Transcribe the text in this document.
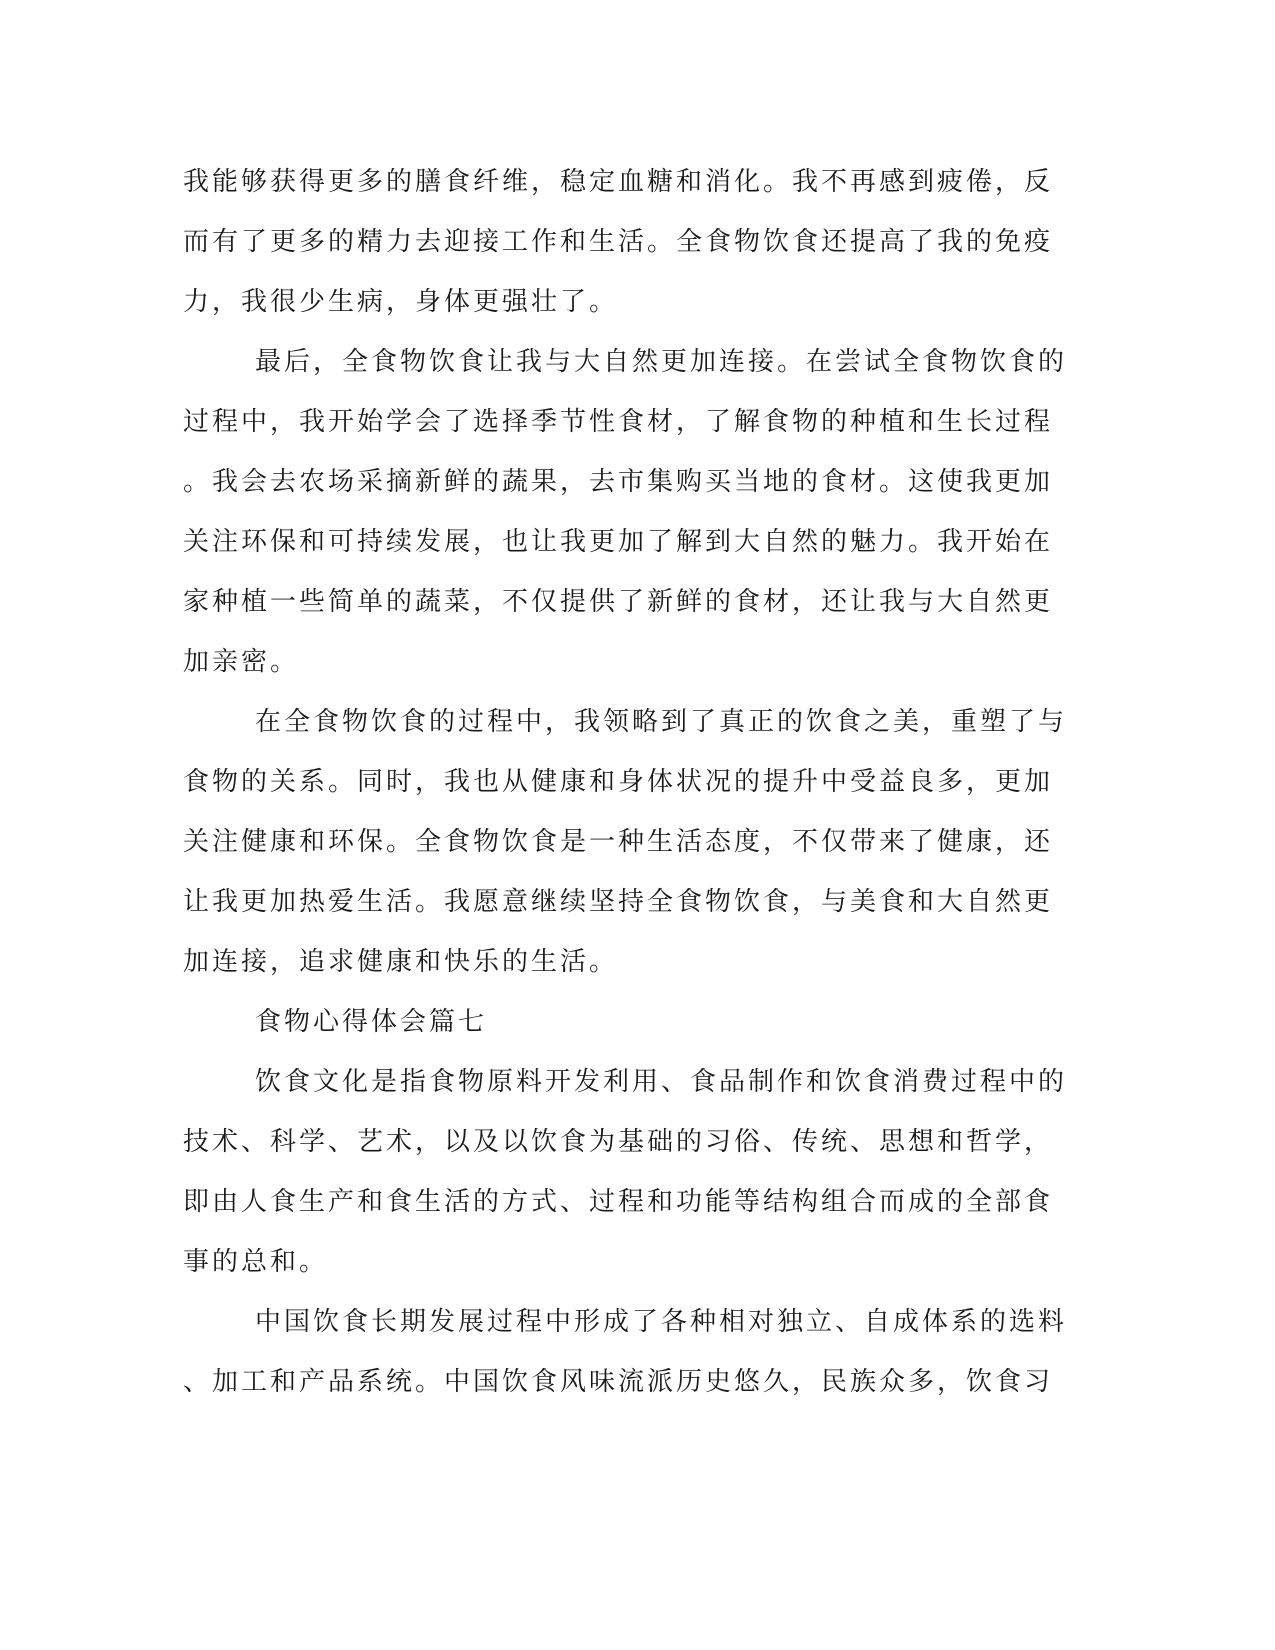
我能够获得更多的膳食纤维，稳定血糖和消化。我不再感到疲倦，反
而有了更多的精力去迎接工作和生活。全食物饮食还提高了我的免疫
力，我很少生病，身体更强壮了。
最后，全食物饮食让我与大自然更加连接。在尝试全食物饮食的
过程中，我开始学会了选择季节性食材，了解食物的种植和生长过程
。我会去农场采摘新鲜的蔬果，去市集购买当地的食材。这使我更加
关注环保和可持续发展，也让我更加了解到大自然的魅力。我开始在
家种植一些简单的蔬菜，不仅提供了新鲜的食材，还让我与大自然更
加亲密。
在全食物饮食的过程中，我领略到了真正的饮食之美，重塑了与
食物的关系。同时，我也从健康和身体状况的提升中受益良多，更加
关注健康和环保。全食物饮食是一种生活态度，不仅带来了健康，还
让我更加热爱生活。我愿意继续坚持全食物饮食，与美食和大自然更
加连接，追求健康和快乐的生活。
食物心得体会篇七
饮食文化是指食物原料开发利用、食品制作和饮食消费过程中的
技术、科学、艺术，以及以饮食为基础的习俗、传统、思想和哲学，
即由人食生产和食生活的方式、过程和功能等结构组合而成的全部食
事的总和。
中国饮食长期发展过程中形成了各种相对独立、自成体系的选料
、加工和产品系统。中国饮食风味流派历史悠久，民族众多，饮食习
